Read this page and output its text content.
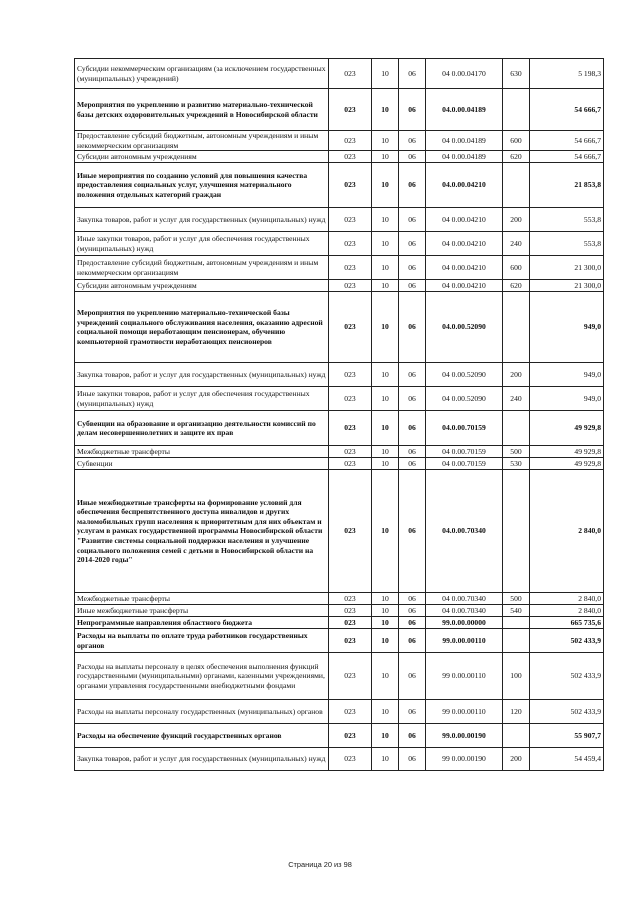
Субсидии некоммерческим организациям (за исключением государственных (муниципальных) учреждений)	023	10	06	04 0.00.04170	630	5 198,3
Мероприятия по укреплению и развитию материально-технической базы детских оздоровительных учреждений в Новосибирской области	023	10	06	04.0.00.04189		54 666,7
Предоставление субсидий бюджетным, автономным учреждениям и иным некоммерческим организациям	023	10	06	04 0.00.04189	600	54 666,7
Субсидии автономным учреждениям	023	10	06	04 0.00.04189	620	54 666,7
Иные мероприятия по созданию условий для повышения качества предоставления социальных услуг, улучшения материального положения отдельных категорий граждан	023	10	06	04.0.00.04210		21 853,8
Закупка товаров, работ и услуг для государственных (муниципальных) нужд	023	10	06	04 0.00.04210	200	553,8
Иные закупки товаров, работ и услуг для обеспечения государственных (муниципальных) нужд	023	10	06	04 0.00.04210	240	553,8
Предоставление субсидий бюджетным, автономным учреждениям и иным некоммерческим организациям	023	10	06	04 0.00.04210	600	21 300,0
Субсидии автономным учреждениям	023	10	06	04 0.00.04210	620	21 300,0
Мероприятия по укреплению материально-технической базы учреждений социального обслуживания населения, оказанию адресной социальной помощи неработающим пенсионерам, обучению компьютерной грамотности неработающих пенсионеров	023	10	06	04.0.00.52090		949,0
Закупка товаров, работ и услуг для государственных (муниципальных) нужд	023	10	06	04 0.00.52090	200	949,0
Иные закупки товаров, работ и услуг для обеспечения государственных (муниципальных) нужд	023	10	06	04 0.00.52090	240	949,0
Субвенции на образование и организацию деятельности комиссий по делам несовершеннолетних и защите их прав	023	10	06	04.0.00.70159		49 929,8
Межбюджетные трансферты	023	10	06	04 0.00.70159	500	49 929,8
Субвенции	023	10	06	04 0.00.70159	530	49 929,8
Иные межбюджетные трансферты на формирование условий для обеспечения беспрепятственного доступа инвалидов и других маломобильных групп населения к приоритетным для них объектам и услугам в рамках государственной программы Новосибирской области "Развитие системы социальной поддержки населения и улучшение социального положения семей с детьми в Новосибирской области на 2014-2020 годы"	023	10	06	04.0.00.70340		2 840,0
Межбюджетные трансферты	023	10	06	04 0.00.70340	500	2 840,0
Иные межбюджетные трансферты	023	10	06	04 0.00.70340	540	2 840,0
Непрограммные направления областного бюджета	023	10	06	99.0.00.00000		665 735,6
Расходы на выплаты по оплате труда работников государственных органов	023	10	06	99.0.00.00110		502 433,9
Расходы на выплаты персоналу в целях обеспечения выполнения функций государственными (муниципальными) органами, казенными учреждениями, органами управления государственными внебюджетными фондами	023	10	06	99 0.00.00110	100	502 433,9
Расходы на выплаты персоналу государственных (муниципальных) органов	023	10	06	99 0.00.00110	120	502 433,9
Расходы на обеспечение функций государственных органов	023	10	06	99.0.00.00190		55 907,7
Закупка товаров, работ и услуг для государственных (муниципальных) нужд	023	10	06	99 0.00.00190	200	54 459,4
Страница 20 из 98
